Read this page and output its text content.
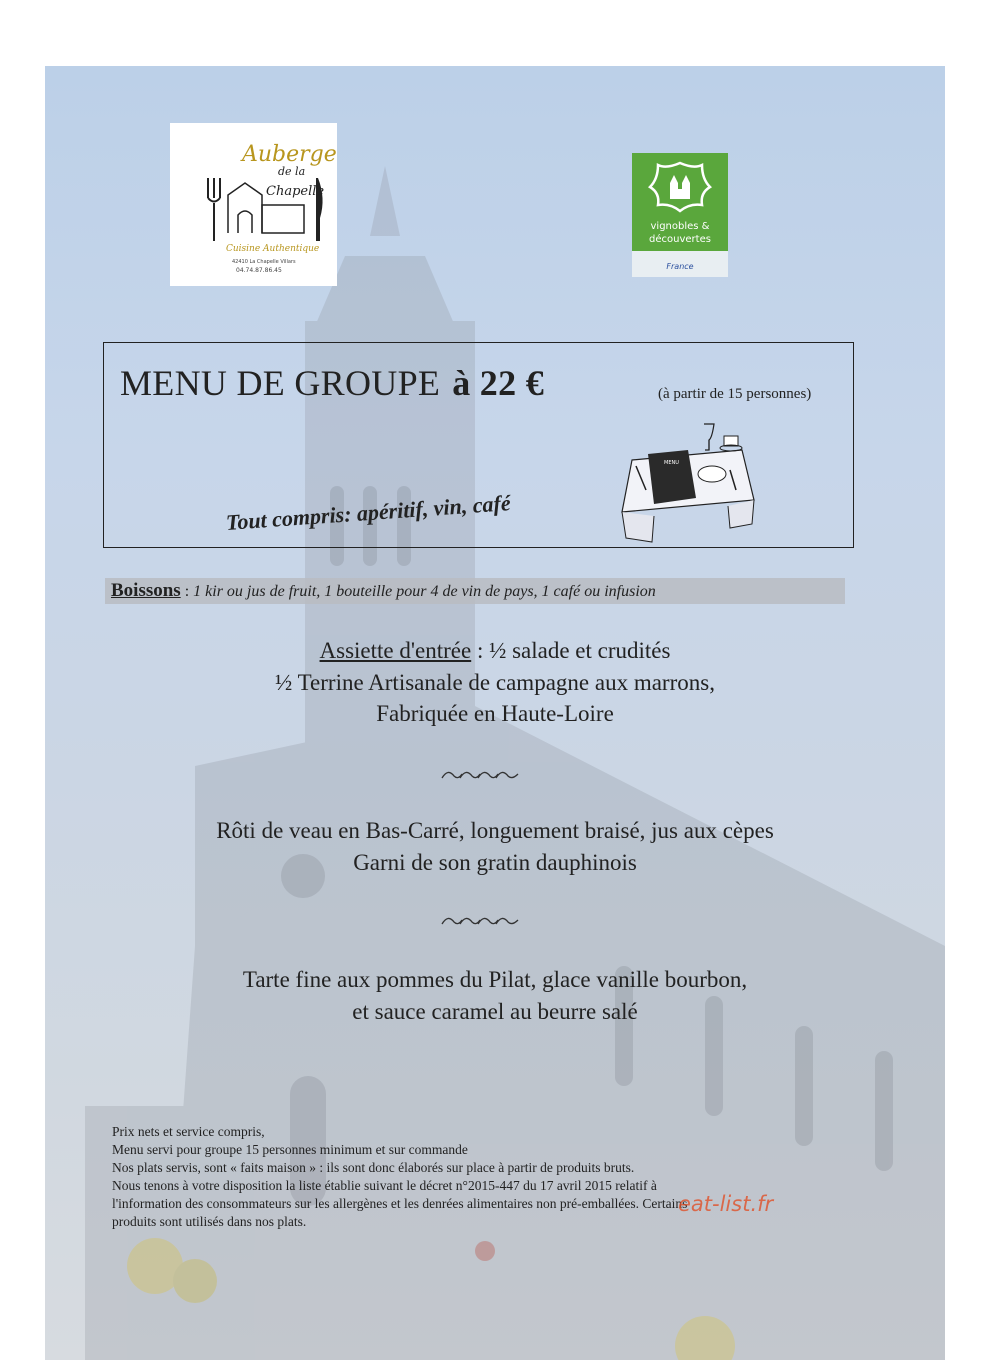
Auberge
de la
Chapelle
Cuisine Authentique
42410 La Chapelle Villars
04.74.87.86.45
vignobles &
découvertes
France
MENU DE GROUPE à 22 €	(à partir de 15 personnes)
Tout compris: apéritif, vin, café
MENU
Boissons : 1 kir ou jus de fruit, 1 bouteille pour 4 de vin de pays, 1 café ou infusion
Assiette d'entrée : ½ salade et crudités
½ Terrine Artisanale de campagne aux marrons,
Fabriquée en Haute-Loire
Rôti de veau en Bas-Carré, longuement braisé, jus aux cèpes
Garni de son gratin dauphinois
Tarte fine aux pommes du Pilat, glace vanille bourbon,
et sauce caramel au beurre salé
Prix nets et service compris,
Menu servi pour groupe 15 personnes minimum et sur commande
Nos plats servis, sont « faits maison » : ils sont donc élaborés sur place à partir de produits bruts.
Nous tenons à votre disposition la liste établie suivant le décret n°2015-447 du 17 avril 2015 relatif à
l'information des consommateurs sur les allergènes et les denrées alimentaires non pré-emballées. Certains
produits sont utilisés dans nos plats.
eat-list.fr
